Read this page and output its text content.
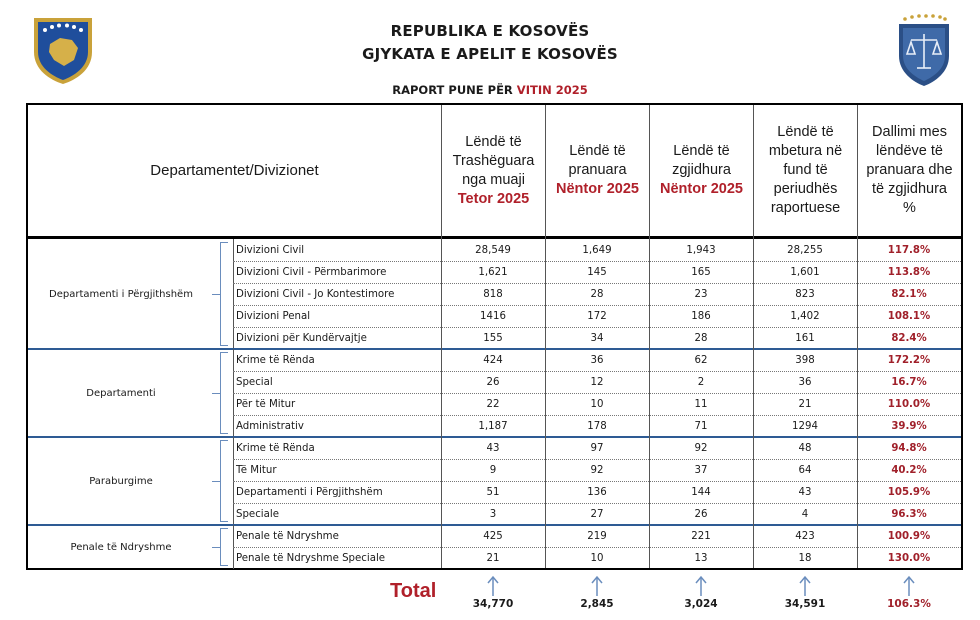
REPUBLIKA E KOSOVËS
GJYKATA E APELIT E KOSOVËS
RAPORT PUNE PËR VITIN 2025
Departamentet/Divizionet
Lëndë të Trashëguara nga muaji
Tetor 2025
Lëndë të pranuara
Nëntor 2025
Lëndë të zgjidhura
Nëntor 2025
Lëndë të mbetura në fund të periudhës raportuese
Dallimi mes lëndëve të pranuara dhe të zgjidhura %
Departamenti i Përgjithshëm
Divizioni Civil	28,549	1,649	1,943	28,255	117.8%
Divizioni Civil - Përmbarimore	1,621	145	165	1,601	113.8%
Divizioni Civil - Jo Kontestimore	818	28	23	823	82.1%
Divizioni Penal	1416	172	186	1,402	108.1%
Divizioni për Kundërvajtje	155	34	28	161	82.4%
Departamenti
Krime të Rënda	424	36	62	398	172.2%
Special	26	12	2	36	16.7%
Për të Mitur	22	10	11	21	110.0%
Administrativ	1,187	178	71	1294	39.9%
Paraburgime
Krime të Rënda	43	97	92	48	94.8%
Të Mitur	9	92	37	64	40.2%
Departamenti i Përgjithshëm	51	136	144	43	105.9%
Speciale	3	27	26	4	96.3%
Penale të Ndryshme
Penale të Ndryshme	425	219	221	423	100.9%
Penale të Ndryshme Speciale	21	10	13	18	130.0%
Total
34,770	2,845	3,024	34,591	106.3%
